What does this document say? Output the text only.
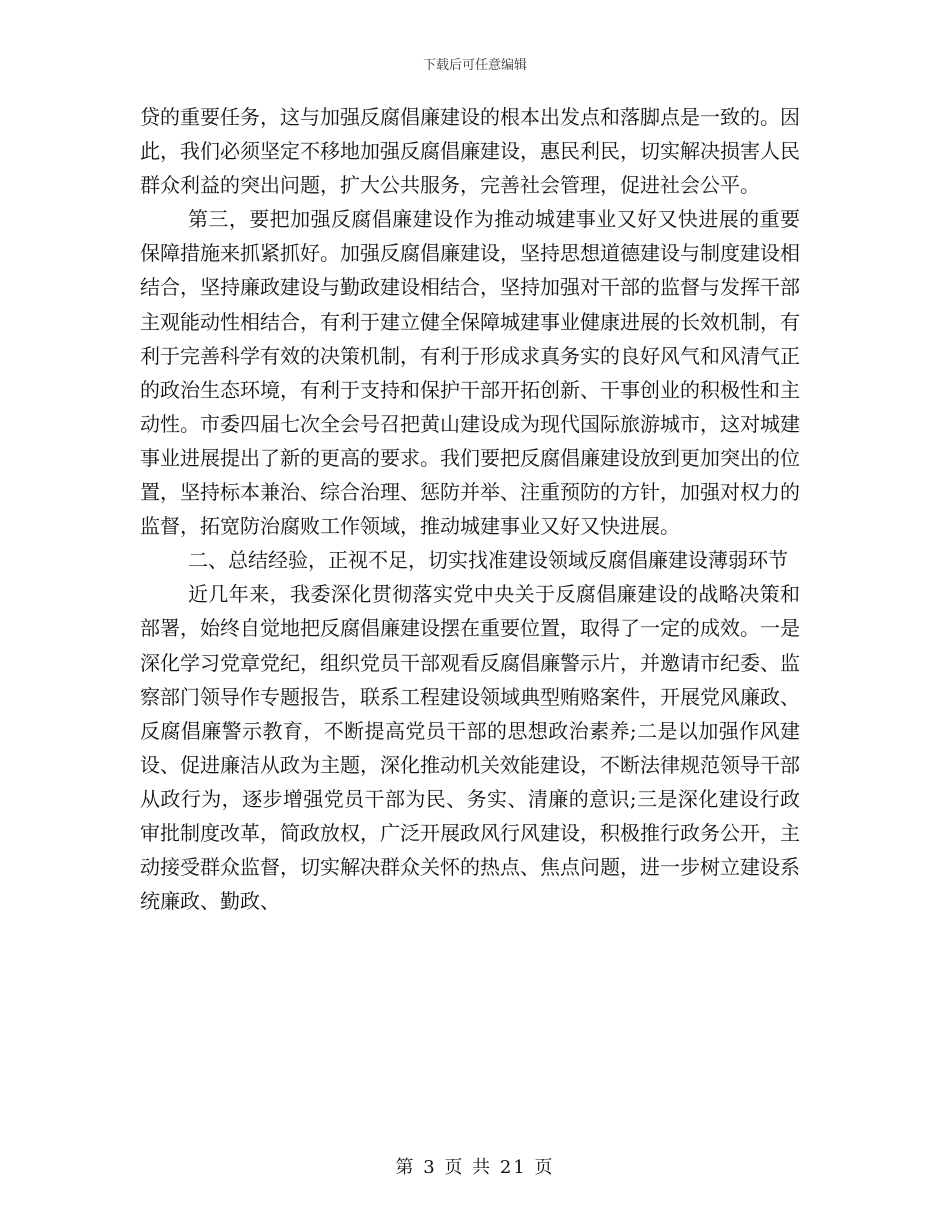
下载后可任意编辑

贷的重要任务，这与加强反腐倡廉建设的根本出发点和落脚点是一致的。因此，我们必须坚定不移地加强反腐倡廉建设，惠民利民，切实解决损害人民群众利益的突出问题，扩大公共服务，完善社会管理，促进社会公平。

第三，要把加强反腐倡廉建设作为推动城建事业又好又快进展的重要保障措施来抓紧抓好。加强反腐倡廉建设，坚持思想道德建设与制度建设相结合，坚持廉政建设与勤政建设相结合，坚持加强对干部的监督与发挥干部主观能动性相结合，有利于建立健全保障城建事业健康进展的长效机制，有利于完善科学有效的决策机制，有利于形成求真务实的良好风气和风清气正的政治生态环境，有利于支持和保护干部开拓创新、干事创业的积极性和主动性。市委四届七次全会号召把黄山建设成为现代国际旅游城市，这对城建事业进展提出了新的更高的要求。我们要把反腐倡廉建设放到更加突出的位置，坚持标本兼治、综合治理、惩防并举、注重预防的方针，加强对权力的监督，拓宽防治腐败工作领域，推动城建事业又好又快进展。

二、总结经验，正视不足，切实找准建设领域反腐倡廉建设薄弱环节

近几年来，我委深化贯彻落实党中央关于反腐倡廉建设的战略决策和部署，始终自觉地把反腐倡廉建设摆在重要位置，取得了一定的成效。一是深化学习党章党纪，组织党员干部观看反腐倡廉警示片，并邀请市纪委、监察部门领导作专题报告，联系工程建设领域典型贿赂案件，开展党风廉政、反腐倡廉警示教育，不断提高党员干部的思想政治素养;二是以加强作风建设、促进廉洁从政为主题，深化推动机关效能建设，不断法律规范领导干部从政行为，逐步增强党员干部为民、务实、清廉的意识;三是深化建设行政审批制度改革，简政放权，广泛开展政风行风建设，积极推行政务公开，主动接受群众监督，切实解决群众关怀的热点、焦点问题，进一步树立建设系统廉政、勤政、

第 3 页 共 21 页
